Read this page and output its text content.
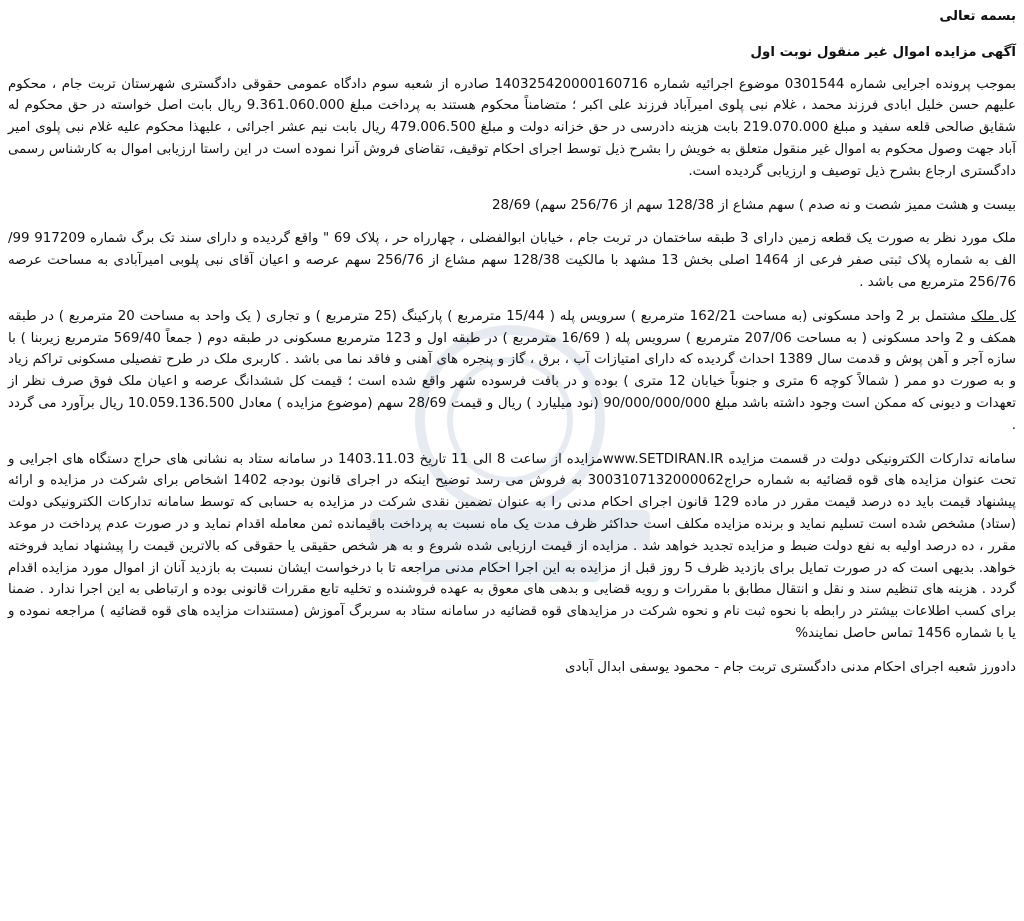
بسمه تعالی

آگهی مزایده اموال غیر منقول نوبت اول

بموجب پرونده اجرایی شماره 0301544 موضوع اجرائیه شماره 140325420000160716 صادره از شعبه سوم دادگاه عمومی حقوقی دادگستری شهرستان تربت جام ، محکوم علیهم حسن خلیل ابادی فرزند محمد ، غلام نبی پلوی امیرآباد فرزند علی اکبر ؛ متضامناً محکوم هستند به پرداخت مبلغ 9.361.060.000 ریال بابت اصل خواسته در حق محکوم له شقایق صالحی قلعه سفید و مبلغ 219.070.000 بابت هزینه دادرسی در حق خزانه دولت و مبلغ 479.006.500 ریال بابت نیم عشر اجرائی ، علیهذا محکوم علیه غلام نبی پلوی امیر آباد جهت وصول محکوم به اموال غیر منقول متعلق به خویش را بشرح ذیل توسط اجرای احکام توقیف، تقاضای فروش آنرا نموده است در این راستا ارزیابی اموال به کارشناس رسمی دادگستری ارجاع بشرح ذیل توصیف و ارزیابی گردیده است.

بیست و هشت ممیز شصت و نه صدم ) سهم مشاع از 128/38 سهم از 256/76 سهم) 28/69

ملک مورد نظر به صورت یک قطعه زمین دارای 3 طبقه ساختمان در تربت جام ، خیابان ابوالفضلی ، چهارراه حر ، پلاک 69 " واقع گردیده و دارای سند تک برگ شماره 917209 99/الف به شماره پلاک ثبتی صفر فرعی از 1464 اصلی بخش 13 مشهد با مالکیت 128/38 سهم مشاع از 256/76 سهم عرصه و اعیان آقای نبی پلوبی امیرآبادی به مساحت عرصه 256/76 مترمربع می باشد .

کل ملک مشتمل بر 2 واحد مسکونی (به مساحت 162/21 مترمربع ) سرویس پله ( 15/44 مترمربع ) پارکینگ (25 مترمربع ) و تجاری ( یک واحد به مساحت 20 مترمربع ) در طبقه همکف و 2 واحد مسکونی ( به مساحت 207/06 مترمربع ) سرویس پله ( 16/69 مترمربع ) در طبقه اول و 123 مترمربع مسکونی در طبقه دوم ( جمعاً 569/40 مترمربع زیربنا ) با سازه آجر و آهن پوش و قدمت سال 1389 احداث گردیده که دارای امتیازات آب ، برق ، گاز و پنجره های آهنی و فاقد نما می باشد . کاربری ملک در طرح تفصیلی مسکونی تراکم زیاد و به صورت دو ممر ( شمالاً کوچه 6 متری و جنوباً خیابان 12 متری ) بوده و در بافت فرسوده شهر واقع شده است ؛ قیمت کل ششدانگ عرصه و اعیان ملک فوق صرف نظر از تعهدات و دیونی که ممکن است وجود داشته باشد مبلغ 90/000/000/000 (نود میلیارد ) ریال و قیمت 28/69 سهم (موضوع مزایده ) معادل 10.059.136.500 ریال برآورد می گردد .

سامانه تدارکات الکترونیکی دولت در قسمت مزایده www.SETDIRAN.IRمزایده از ساعت 8 الی 11 تاریخ 1403.11.03 در سامانه ستاد به نشانی های حراج دستگاه های اجرایی و تحت عنوان مزایده های قوه قضائیه به شماره حراج3003107132000062 به فروش می رسد توضیح اینکه در اجرای قانون بودجه 1402 اشخاص برای شرکت در مزایده و ارائه پیشنهاد قیمت باید ده درصد قیمت مقرر در ماده 129 قانون اجرای احکام مدنی را به عنوان تضمین نقدی شرکت در مزایده به حسابی که توسط سامانه تدارکات الکترونیکی دولت (ستاد) مشخص شده است تسلیم نماید و برنده مزایده مکلف است حداکثر ظرف مدت یک ماه نسبت به پرداخت باقیمانده ثمن معامله اقدام نماید و در صورت عدم پرداخت در موعد مقرر ، ده درصد اولیه به نفع دولت ضبط و مزایده تجدید خواهد شد . مزایده از قیمت ارزیابی شده شروع و به هر شخص حقیقی یا حقوقی که بالاترین قیمت را پیشنهاد نماید فروخته خواهد. بدیهی است که در صورت تمایل برای بازدید ظرف 5 روز قبل از مزایده به این اجرا احکام مدنی مراجعه تا با درخواست ایشان نسبت به بازدید آنان از اموال مورد مزایده اقدام گردد . هزینه های تنظیم سند و نقل و انتقال مطابق با مقررات و رویه قضایی و بدهی های معوق به عهده فروشنده و تخلیه تابع مقررات قانونی بوده و ارتباطی به این اجرا ندارد . ضمنا برای کسب اطلاعات بیشتر در رابطه با نحوه ثبت نام و نحوه شرکت در مزایدهای قوه قضائیه در سامانه ستاد به سربرگ آموزش (مستندات مزایده های قوه قضائیه ) مراجعه نموده و یا با شماره 1456 تماس حاصل نمایند%

دادورز شعبه اجرای احکام مدنی دادگستری تربت جام - محمود یوسفی ابدال آبادی
